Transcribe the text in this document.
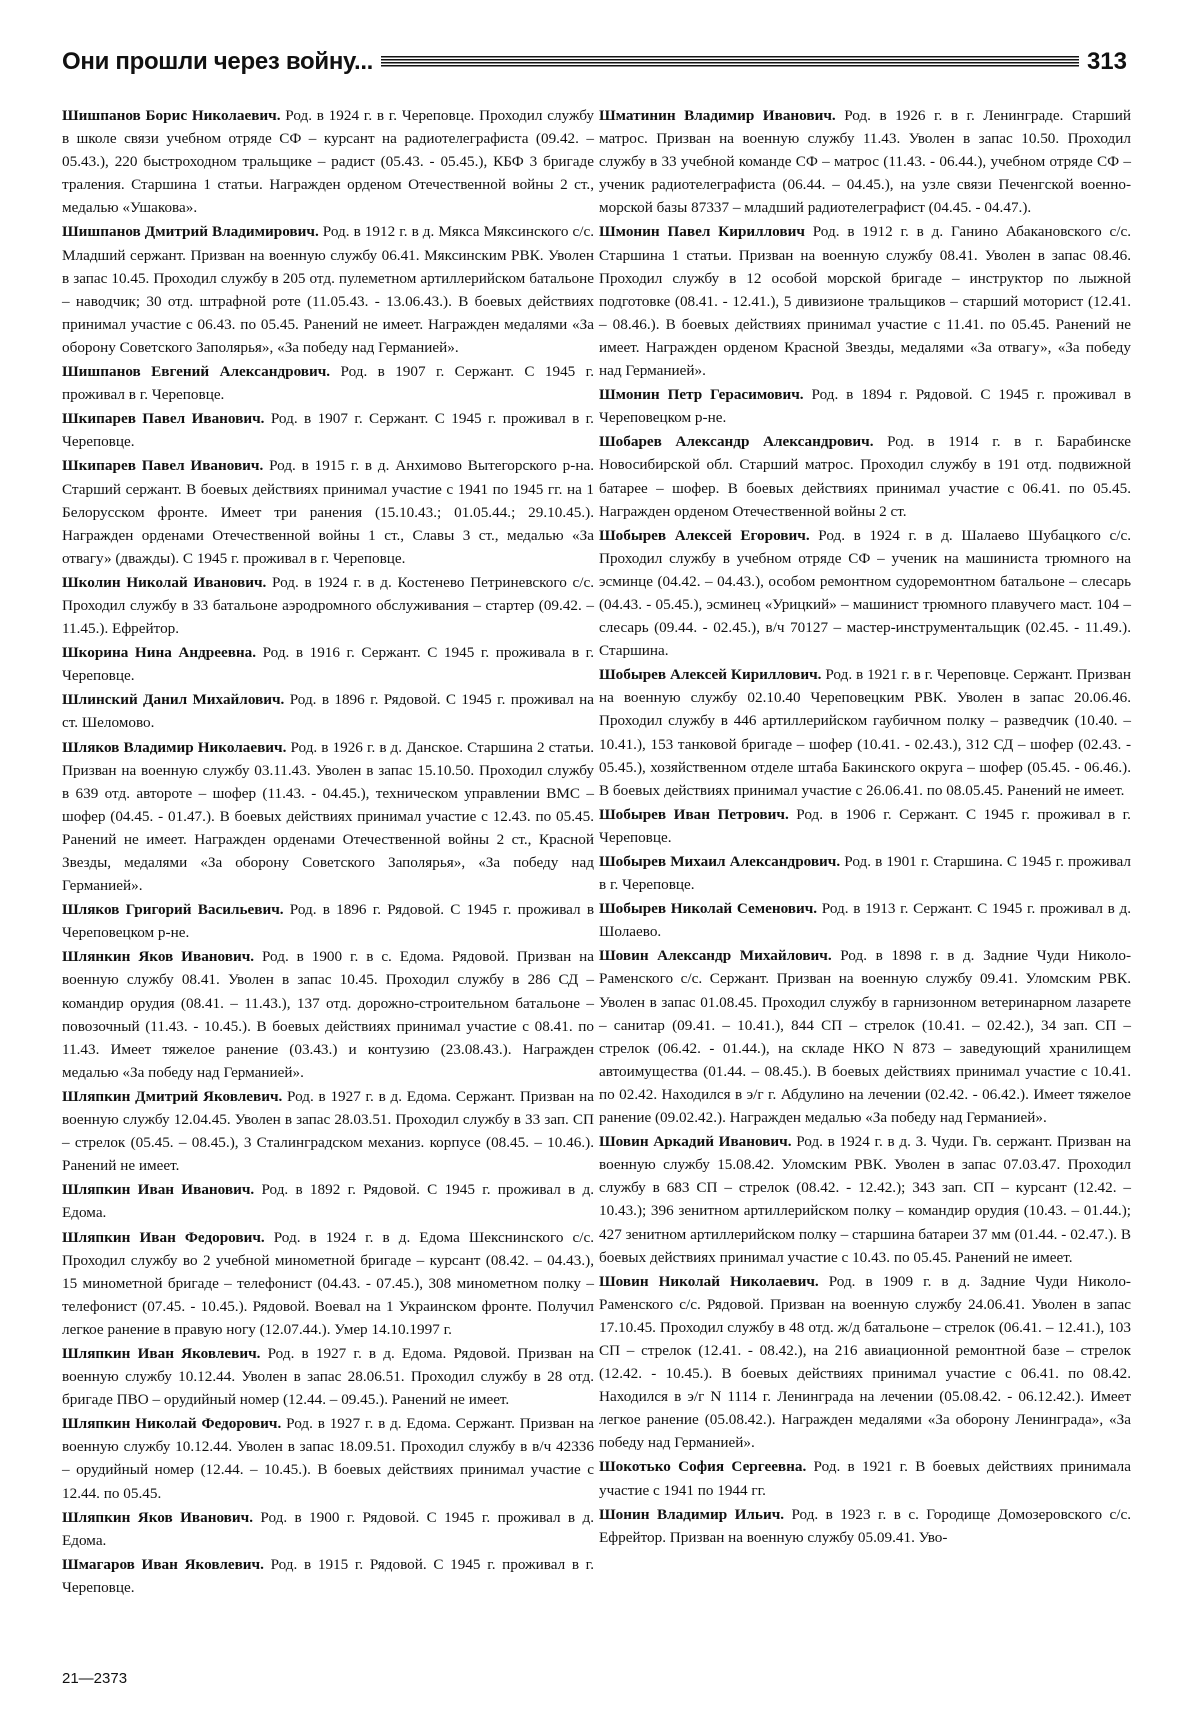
Они прошли через войну...	313

Шишпанов Борис Николаевич. Род. в 1924 г. в г. Череповце. Проходил службу в школе связи учебном отряде СФ – курсант на радиотелеграфиста (09.42. – 05.43.), 220 быстроходном тральщике – радист (05.43. - 05.45.), КБФ 3 бригаде траления. Старшина 1 статьи. Награжден орденом Отечественной войны 2 ст., медалью «Ушакова».

Шишпанов Дмитрий Владимирович. Род. в 1912 г. в д. Мякса Мяксинского с/с. Младший сержант. Призван на военную службу 06.41. Мяксинским РВК. Уволен в запас 10.45. Проходил службу в 205 отд. пулеметном артиллерийском батальоне – наводчик; 30 отд. штрафной роте (11.05.43. - 13.06.43.). В боевых действиях принимал участие с 06.43. по 05.45. Ранений не имеет. Награжден медалями «За оборону Советского Заполярья», «За победу над Германией».

Шишпанов Евгений Александрович. Род. в 1907 г. Сержант. С 1945 г. проживал в г. Череповце.

Шкипарев Павел Иванович. Род. в 1907 г. Сержант. С 1945 г. проживал в г. Череповце.

Шкипарев Павел Иванович. Род. в 1915 г. в д. Анхимово Вытегорского р-на. Старший сержант. В боевых действиях принимал участие с 1941 по 1945 гг. на 1 Белорусском фронте. Имеет три ранения (15.10.43.; 01.05.44.; 29.10.45.). Награжден орденами Отечественной войны 1 ст., Славы 3 ст., медалью «За отвагу» (дважды). С 1945 г. проживал в г. Череповце.

Школин Николай Иванович. Род. в 1924 г. в д. Костенево Петриневского с/с. Проходил службу в 33 батальоне аэродромного обслуживания – стартер (09.42. – 11.45.). Ефрейтор.

Шкорина Нина Андреевна. Род. в 1916 г. Сержант. С 1945 г. проживала в г. Череповце.

Шлинский Данил Михайлович. Род. в 1896 г. Рядовой. С 1945 г. проживал на ст. Шеломово.

Шляков Владимир Николаевич. Род. в 1926 г. в д. Данское. Старшина 2 статьи. Призван на военную службу 03.11.43. Уволен в запас 15.10.50. Проходил службу в 639 отд. автороте – шофер (11.43. - 04.45.), техническом управлении ВМС – шофер (04.45. - 01.47.). В боевых действиях принимал участие с 12.43. по 05.45. Ранений не имеет. Награжден орденами Отечественной войны 2 ст., Красной Звезды, медалями «За оборону Советского Заполярья», «За победу над Германией».

Шляков Григорий Васильевич. Род. в 1896 г. Рядовой. С 1945 г. проживал в Череповецком р-не.

Шлянкин Яков Иванович. Род. в 1900 г. в с. Едома. Рядовой. Призван на военную службу 08.41. Уволен в запас 10.45. Проходил службу в 286 СД – командир орудия (08.41. – 11.43.), 137 отд. дорожно-строительном батальоне – повозочный (11.43. - 10.45.). В боевых действиях принимал участие с 08.41. по 11.43. Имеет тяжелое ранение (03.43.) и контузию (23.08.43.). Награжден медалью «За победу над Германией».

Шляпкин Дмитрий Яковлевич. Род. в 1927 г. в д. Едома. Сержант. Призван на военную службу 12.04.45. Уволен в запас 28.03.51. Проходил службу в 33 зап. СП – стрелок (05.45. – 08.45.), 3 Сталинградском механиз. корпусе (08.45. – 10.46.). Ранений не имеет.

Шляпкин Иван Иванович. Род. в 1892 г. Рядовой. С 1945 г. проживал в д. Едома.

Шляпкин Иван Федорович. Род. в 1924 г. в д. Едома Шекснинского с/с. Проходил службу во 2 учебной минометной бригаде – курсант (08.42. – 04.43.), 15 минометной бригаде – телефонист (04.43. - 07.45.), 308 минометном полку – телефонист (07.45. - 10.45.). Рядовой. Воевал на 1 Украинском фронте. Получил легкое ранение в правую ногу (12.07.44.). Умер 14.10.1997 г.

Шляпкин Иван Яковлевич. Род. в 1927 г. в д. Едома. Рядовой. Призван на военную службу 10.12.44. Уволен в запас 28.06.51. Проходил службу в 28 отд. бригаде ПВО – орудийный номер (12.44. – 09.45.). Ранений не имеет.

Шляпкин Николай Федорович. Род. в 1927 г. в д. Едома. Сержант. Призван на военную службу 10.12.44. Уволен в запас 18.09.51. Проходил службу в в/ч 42336 – орудийный номер (12.44. – 10.45.). В боевых действиях принимал участие с 12.44. по 05.45.

Шляпкин Яков Иванович. Род. в 1900 г. Рядовой. С 1945 г. проживал в д. Едома.

Шмагаров Иван Яковлевич. Род. в 1915 г. Рядовой. С 1945 г. проживал в г. Череповце.

Шматинин Владимир Иванович. Род. в 1926 г. в г. Ленинграде. Старший матрос. Призван на военную службу 11.43. Уволен в запас 10.50. Проходил службу в 33 учебной команде СФ – матрос (11.43. - 06.44.), учебном отряде СФ – ученик радиотелеграфиста (06.44. – 04.45.), на узле связи Печенгской военно-морской базы 87337 – младший радиотелеграфист (04.45. - 04.47.).

Шмонин Павел Кириллович Род. в 1912 г. в д. Ганино Абакановского с/с. Старшина 1 статьи. Призван на военную службу 08.41. Уволен в запас 08.46. Проходил службу в 12 особой морской бригаде – инструктор по лыжной подготовке (08.41. - 12.41.), 5 дивизионе тральщиков – старший моторист (12.41. – 08.46.). В боевых действиях принимал участие с 11.41. по 05.45. Ранений не имеет. Награжден орденом Красной Звезды, медалями «За отвагу», «За победу над Германией».

Шмонин Петр Герасимович. Род. в 1894 г. Рядовой. С 1945 г. проживал в Череповецком р-не.

Шобарев Александр Александрович. Род. в 1914 г. в г. Барабинске Новосибирской обл. Старший матрос. Проходил службу в 191 отд. подвижной батарее – шофер. В боевых действиях принимал участие с 06.41. по 05.45. Награжден орденом Отечественной войны 2 ст.

Шобырев Алексей Егорович. Род. в 1924 г. в д. Шалаево Шубацкого с/с. Проходил службу в учебном отряде СФ – ученик на машиниста трюмного на эсминце (04.42. – 04.43.), особом ремонтном судоремонтном батальоне – слесарь (04.43. - 05.45.), эсминец «Урицкий» – машинист трюмного плавучего маст. 104 – слесарь (09.44. - 02.45.), в/ч 70127 – мастер-инструментальщик (02.45. - 11.49.). Старшина.

Шобырев Алексей Кириллович. Род. в 1921 г. в г. Череповце. Сержант. Призван на военную службу 02.10.40 Череповецким РВК. Уволен в запас 20.06.46. Проходил службу в 446 артиллерийском гаубичном полку – разведчик (10.40. – 10.41.), 153 танковой бригаде – шофер (10.41. - 02.43.), 312 СД – шофер (02.43. - 05.45.), хозяйственном отделе штаба Бакинского округа – шофер (05.45. - 06.46.). В боевых действиях принимал участие с 26.06.41. по 08.05.45. Ранений не имеет.

Шобырев Иван Петрович. Род. в 1906 г. Сержант. С 1945 г. проживал в г. Череповце.

Шобырев Михаил Александрович. Род. в 1901 г. Старшина. С 1945 г. проживал в г. Череповце.

Шобырев Николай Семенович. Род. в 1913 г. Сержант. С 1945 г. проживал в д. Шолаево.

Шовин Александр Михайлович. Род. в 1898 г. в д. Задние Чуди Николо-Раменского с/с. Сержант. Призван на военную службу 09.41. Уломским РВК. Уволен в запас 01.08.45. Проходил службу в гарнизонном ветеринарном лазарете – санитар (09.41. – 10.41.), 844 СП – стрелок (10.41. – 02.42.), 34 зап. СП – стрелок (06.42. - 01.44.), на складе НКО N 873 – заведующий хранилищем автоимущества (01.44. – 08.45.). В боевых действиях принимал участие с 10.41. по 02.42. Находился в э/г г. Абдулино на лечении (02.42. - 06.42.). Имеет тяжелое ранение (09.02.42.). Награжден медалью «За победу над Германией».

Шовин Аркадий Иванович. Род. в 1924 г. в д. З. Чуди. Гв. сержант. Призван на военную службу 15.08.42. Уломским РВК. Уволен в запас 07.03.47. Проходил службу в 683 СП – стрелок (08.42. - 12.42.); 343 зап. СП – курсант (12.42. – 10.43.); 396 зенитном артиллерийском полку – командир орудия (10.43. – 01.44.); 427 зенитном артиллерийском полку – старшина батареи 37 мм (01.44. - 02.47.). В боевых действиях принимал участие с 10.43. по 05.45. Ранений не имеет.

Шовин Николай Николаевич. Род. в 1909 г. в д. Задние Чуди Николо-Раменского с/с. Рядовой. Призван на военную службу 24.06.41. Уволен в запас 17.10.45. Проходил службу в 48 отд. ж/д батальоне – стрелок (06.41. – 12.41.), 103 СП – стрелок (12.41. - 08.42.), на 216 авиационной ремонтной базе – стрелок (12.42. - 10.45.). В боевых действиях принимал участие с 06.41. по 08.42. Находился в э/г N 1114 г. Ленинграда на лечении (05.08.42. - 06.12.42.). Имеет легкое ранение (05.08.42.). Награжден медалями «За оборону Ленинграда», «За победу над Германией».

Шокотько София Сергеевна. Род. в 1921 г. В боевых действиях принимала участие с 1941 по 1944 гг.

Шонин Владимир Ильич. Род. в 1923 г. в с. Городище Домозеровского с/с. Ефрейтор. Призван на военную службу 05.09.41. Уво-

21—2373
